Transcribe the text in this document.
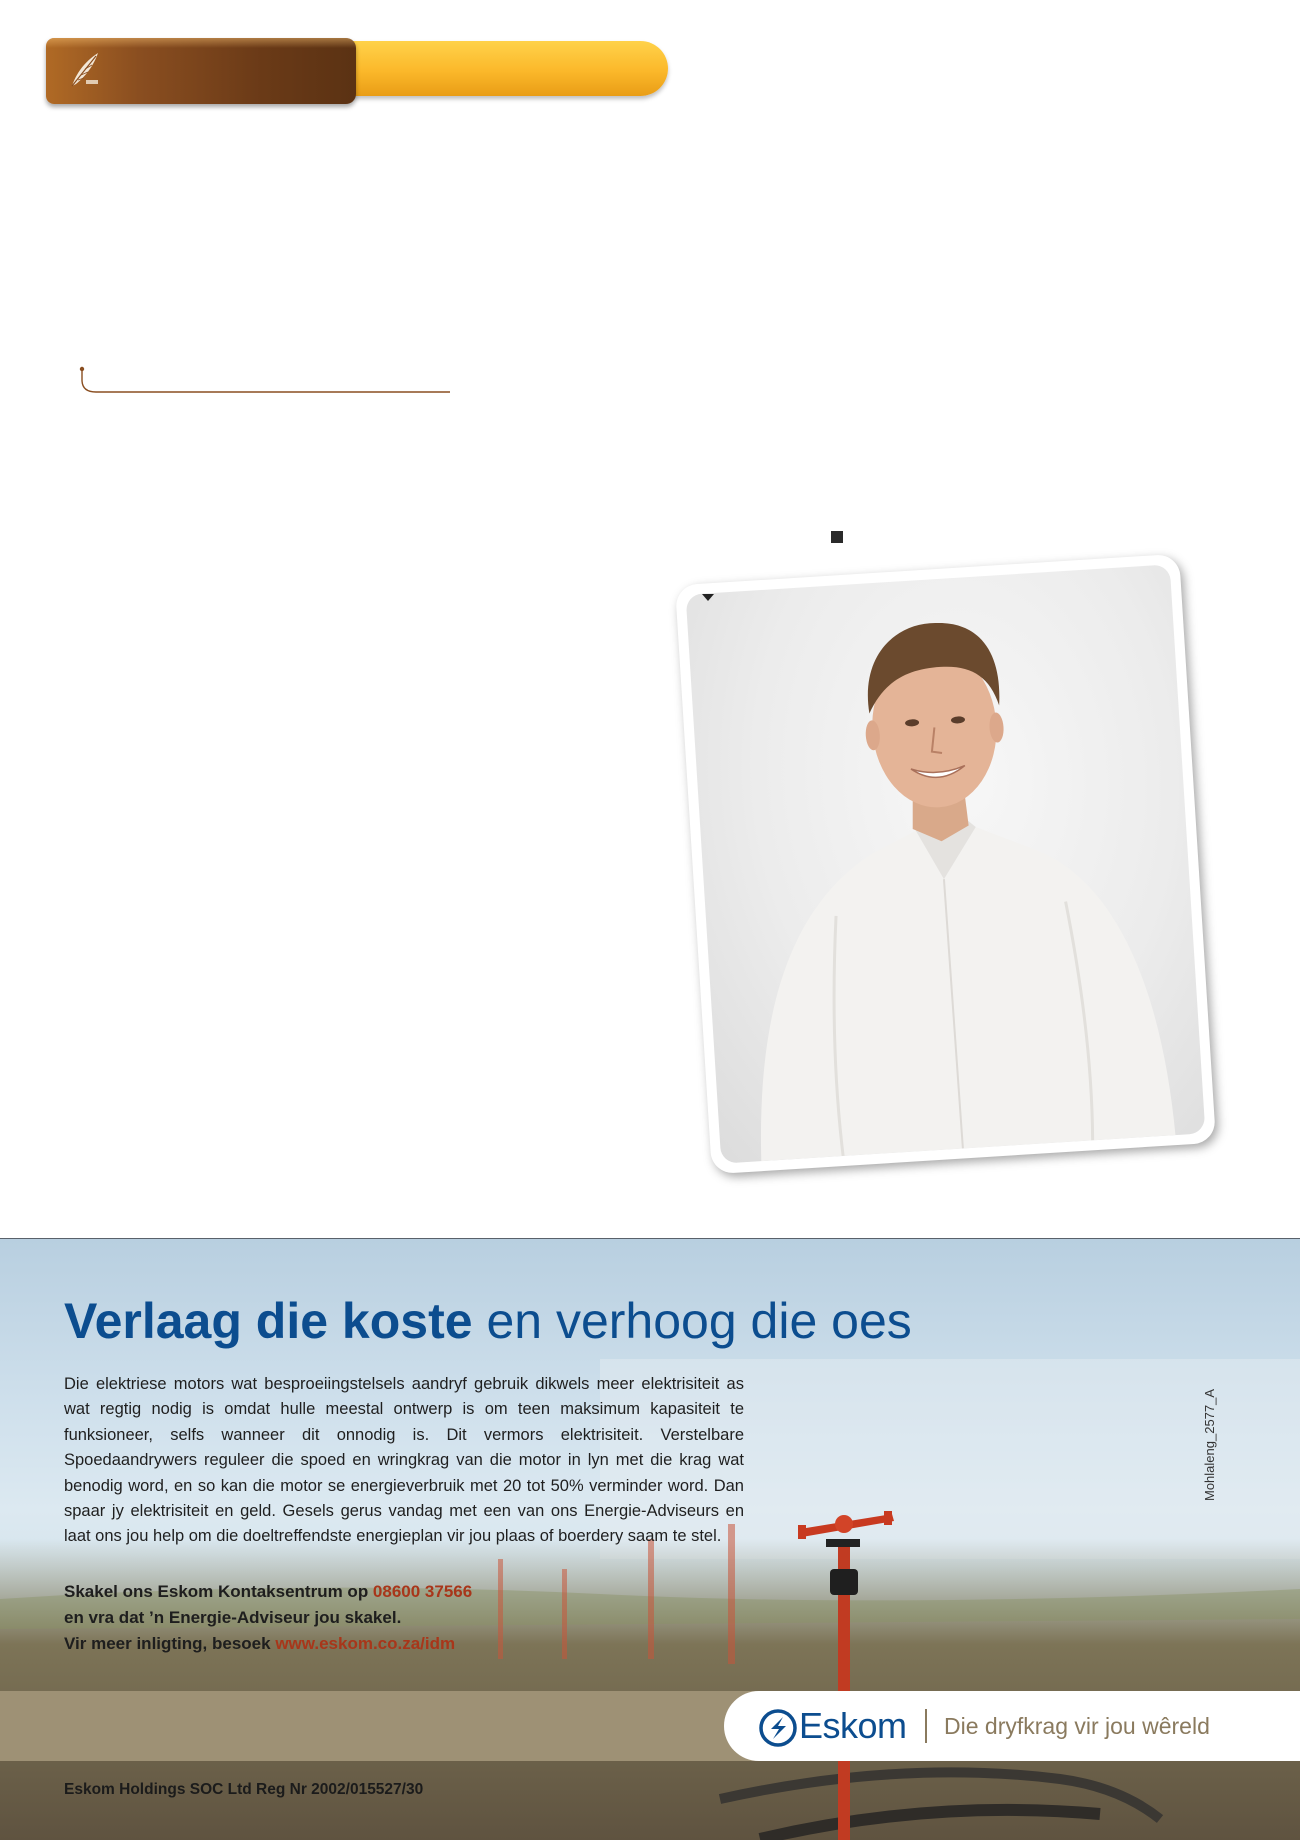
Verlaag die koste en verhoog die oes

Die elektriese motors wat besproeiingstelsels aandryf gebruik dikwels meer elektrisiteit as wat regtig nodig is omdat hulle meestal ontwerp is om teen maksimum kapasiteit te funksioneer, selfs wanneer dit onnodig is. Dit vermors elektrisiteit. Verstelbare Spoedaandrywers reguleer die spoed en wringkrag van die motor in lyn met die krag wat benodig word, en so kan die motor se energieverbruik met 20 tot 50% verminder word. Dan spaar jy elektrisiteit en geld. Gesels gerus vandag met een van ons Energie-Adviseurs en laat ons jou help om die doeltreffendste energieplan vir jou plaas of boerdery saam te stel.

Skakel ons Eskom Kontaksentrum op 08600 37566
en vra dat ’n Energie-Adviseur jou skakel.
Vir meer inligting, besoek www.eskom.co.za/idm
Mohlaleng_2577_A
Eskom Die dryfkrag vir jou wêreld
Eskom Holdings SOC Ltd Reg Nr 2002/015527/30
